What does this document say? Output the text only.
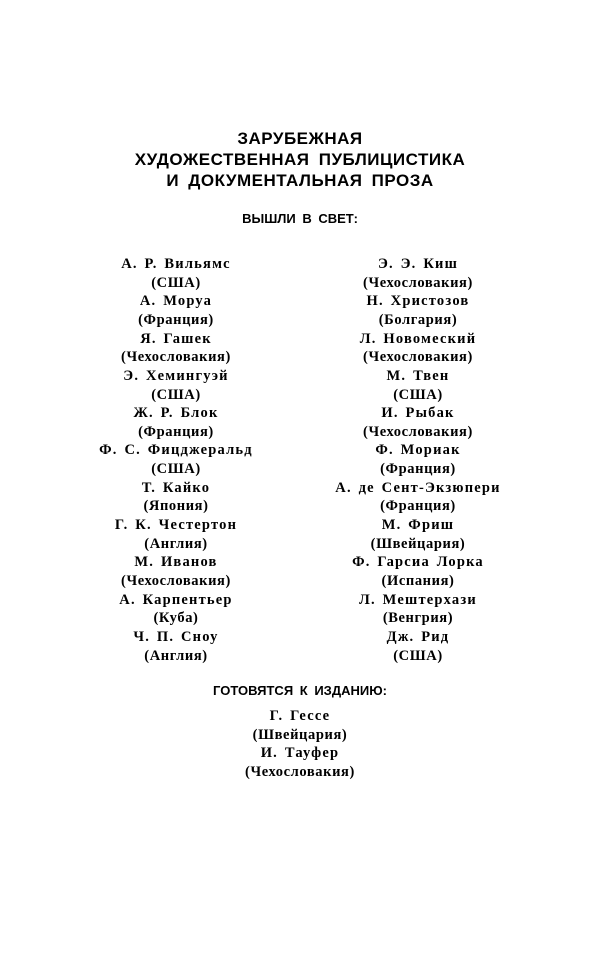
ЗАРУБЕЖНАЯ
ХУДОЖЕСТВЕННАЯ ПУБЛИЦИСТИКА
И ДОКУМЕНТАЛЬНАЯ ПРОЗА
ВЫШЛИ В СВЕТ:
А. Р. Вильямс
(США)
А. Моруа
(Франция)
Я. Гашек
(Чехословакия)
Э. Хемингуэй
(США)
Ж. Р. Блок
(Франция)
Ф. С. Фицджеральд
(США)
Т. Кайко
(Япония)
Г. К. Честертон
(Англия)
М. Иванов
(Чехословакия)
А. Карпентьер
(Куба)
Ч. П. Сноу
(Англия)
Э. Э. Киш
(Чехословакия)
Н. Христозов
(Болгария)
Л. Новомеский
(Чехословакия)
М. Твен
(США)
И. Рыбак
(Чехословакия)
Ф. Мориак
(Франция)
А. де Сент-Экзюпери
(Франция)
М. Фриш
(Швейцария)
Ф. Гарсиа Лорка
(Испания)
Л. Мештерхази
(Венгрия)
Дж. Рид
(США)
ГОТОВЯТСЯ К ИЗДАНИЮ:
Г. Гессе
(Швейцария)
И. Тауфер
(Чехословакия)
